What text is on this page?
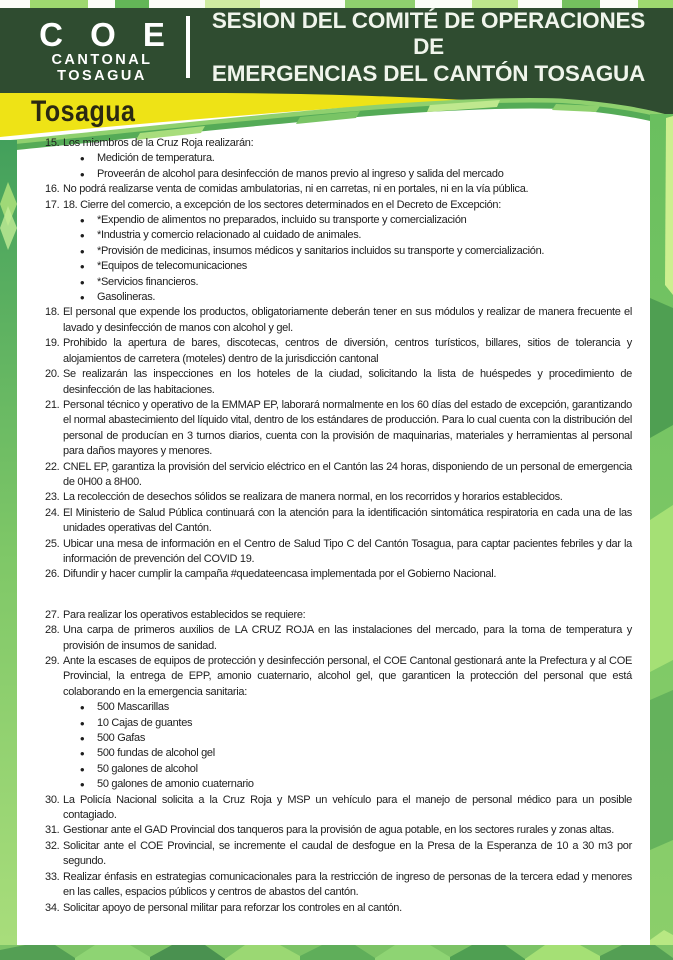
C O E
CANTONAL
TOSAGUA
SESION DEL COMITÉ DE OPERACIONES DE
EMERGENCIAS DEL CANTÓN TOSAGUA
Tosagua
15. Los miembros de la Cruz Roja realizarán:
• Medición de temperatura.
• Proveerán de alcohol para desinfección de manos previo al ingreso y salida del mercado
16. No podrá realizarse venta de comidas ambulatorias, ni en carretas, ni en portales, ni en la vía pública.
17. 18. Cierre del comercio, a excepción de los sectores determinados en el Decreto de Excepción:
• *Expendio de alimentos no preparados, incluido su transporte y comercialización
• *Industria y comercio relacionado al cuidado de animales.
• *Provisión de medicinas, insumos médicos y sanitarios incluidos su transporte y comercialización.
• *Equipos de telecomunicaciones
• *Servicios financieros.
• Gasolineras.
18. El personal que expende los productos, obligatoriamente deberán tener en sus módulos y realizar de manera frecuente el lavado y desinfección de manos con alcohol y gel.
19. Prohibido la apertura de bares, discotecas, centros de diversión, centros turísticos, billares, sitios de tolerancia y alojamientos de carretera (moteles) dentro de la jurisdicción cantonal
20. Se realizarán las inspecciones en los hoteles de la ciudad, solicitando la lista de huéspedes y procedimiento de desinfección de las habitaciones.
21. Personal técnico y operativo de la EMMAP EP, laborará normalmente en los 60 días del estado de excepción, garantizando el normal abastecimiento del líquido vital, dentro de los estándares de producción. Para lo cual cuenta con la distribución del personal de producían en 3 turnos diarios, cuenta con la provisión de maquinarias, materiales y herramientas al personal para daños mayores y menores.
22. CNEL EP, garantiza la provisión del servicio eléctrico en el Cantón las 24 horas, disponiendo de un personal de emergencia de 0H00 a 8H00.
23. La recolección de desechos sólidos se realizara de manera normal, en los recorridos y horarios establecidos.
24. El Ministerio de Salud Pública continuará con la atención para la identificación sintomática respiratoria en cada una de las unidades operativas del Cantón.
25. Ubicar una mesa de información en el Centro de Salud Tipo C del Cantón Tosagua, para captar pacientes febriles y dar la información de prevención del COVID 19.
26. Difundir y hacer cumplir la campaña #quedateencasa implementada por el Gobierno Nacional.
27. Para realizar los operativos establecidos se requiere:
28. Una carpa de primeros auxilios de LA CRUZ ROJA en las instalaciones del mercado, para la toma de temperatura y provisión de insumos de sanidad.
29. Ante la escases de equipos de protección y desinfección personal, el COE Cantonal gestionará ante la Prefectura y al COE Provincial, la entrega de EPP, amonio cuaternario, alcohol gel, que garanticen la protección del personal que está colaborando en la emergencia sanitaria:
• 500 Mascarillas
• 10 Cajas de guantes
• 500 Gafas
• 500 fundas de alcohol gel
• 50 galones de alcohol
• 50 galones de amonio cuaternario
30. La Policía Nacional solicita a la Cruz Roja y MSP un vehículo para el manejo de personal médico para un posible contagiado.
31. Gestionar ante el GAD Provincial dos tanqueros para la provisión de agua potable, en los sectores rurales y zonas altas.
32. Solicitar ante el COE Provincial, se incremente el caudal de desfogue en la Presa de la Esperanza de 10 a 30 m3 por segundo.
33. Realizar énfasis en estrategias comunicacionales para la restricción de ingreso de personas de la tercera edad y menores en las calles, espacios públicos y centros de abastos del cantón.
34. Solicitar apoyo de personal militar para reforzar los controles en al cantón.
